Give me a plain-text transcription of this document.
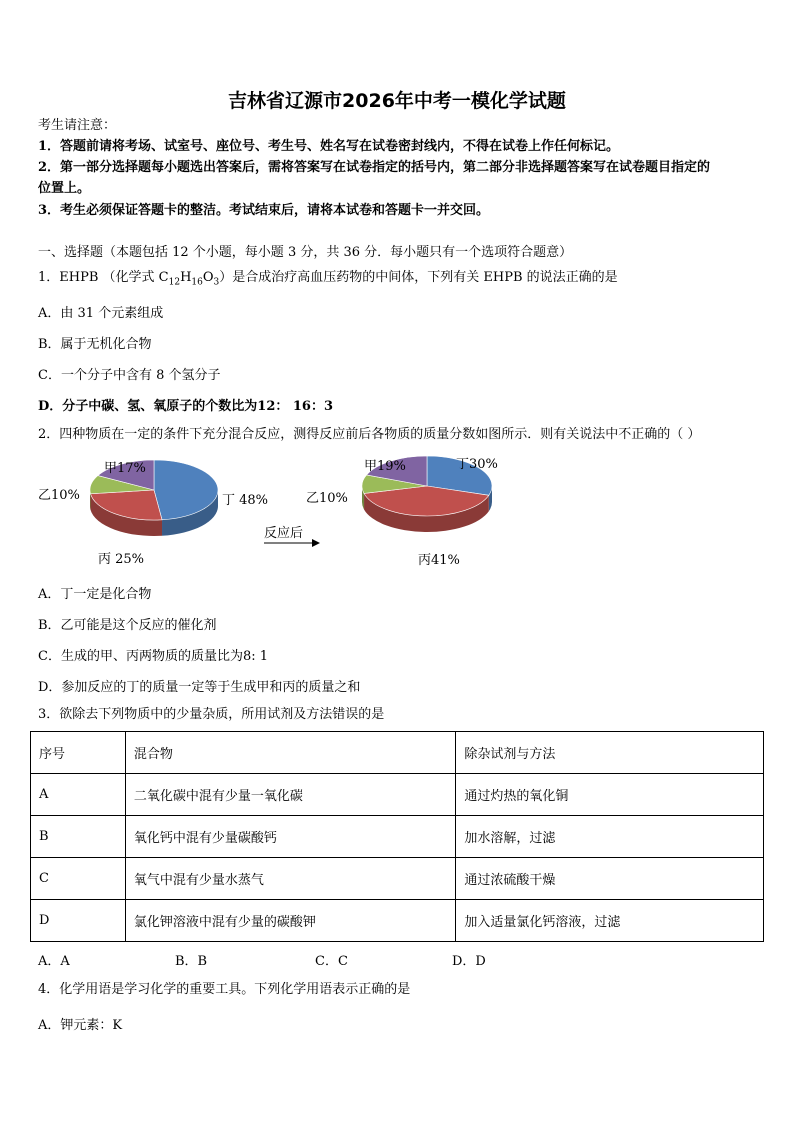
吉林省辽源市2026年中考一模化学试题
考生请注意：
1．答题前请将考场、试室号、座位号、考生号、姓名写在试卷密封线内，不得在试卷上作任何标记。
2．第一部分选择题每小题选出答案后，需将答案写在试卷指定的括号内，第二部分非选择题答案写在试卷题目指定的
位置上。
3．考生必须保证答题卡的整洁。考试结束后，请将本试卷和答题卡一并交回。
一、选择题（本题包括 12 个小题，每小题 3 分，共 36 分．每小题只有一个选项符合题意）
1．EHPB （化学式 $C_{12}H_{16}O_3$）是合成治疗高血压药物的中间体，下列有关 EHPB 的说法正确的是
A．由 31 个元素组成
B．属于无机化合物
C．一个分子中含有 8 个氢分子
D．分子中碳、氢、氧原子的个数比为12： 16：3
2．四种物质在一定的条件下充分混合反应，测得反应前后各物质的质量分数如图所示．则有关说法中不正确的（ ）
甲17%
乙10%
丙 25%
丁 48%
反应后
甲19%
乙10%
丙41%
丁30%
A．丁一定是化合物
B．乙可能是这个反应的催化剂
C．生成的甲、丙两物质的质量比为8: 1
D．参加反应的丁的质量一定等于生成甲和丙的质量之和
3．欲除去下列物质中的少量杂质，所用试剂及方法错误的是
序号	混合物	除杂试剂与方法
A	二氧化碳中混有少量一氧化碳	通过灼热的氧化铜
B	氧化钙中混有少量碳酸钙	加水溶解，过滤
C	氧气中混有少量水蒸气	通过浓硫酸干燥
D	氯化钾溶液中混有少量的碳酸钾	加入适量氯化钙溶液，过滤
A．A	B．B	C．C	D．D
4．化学用语是学习化学的重要工具。下列化学用语表示正确的是
A．钾元素：K
